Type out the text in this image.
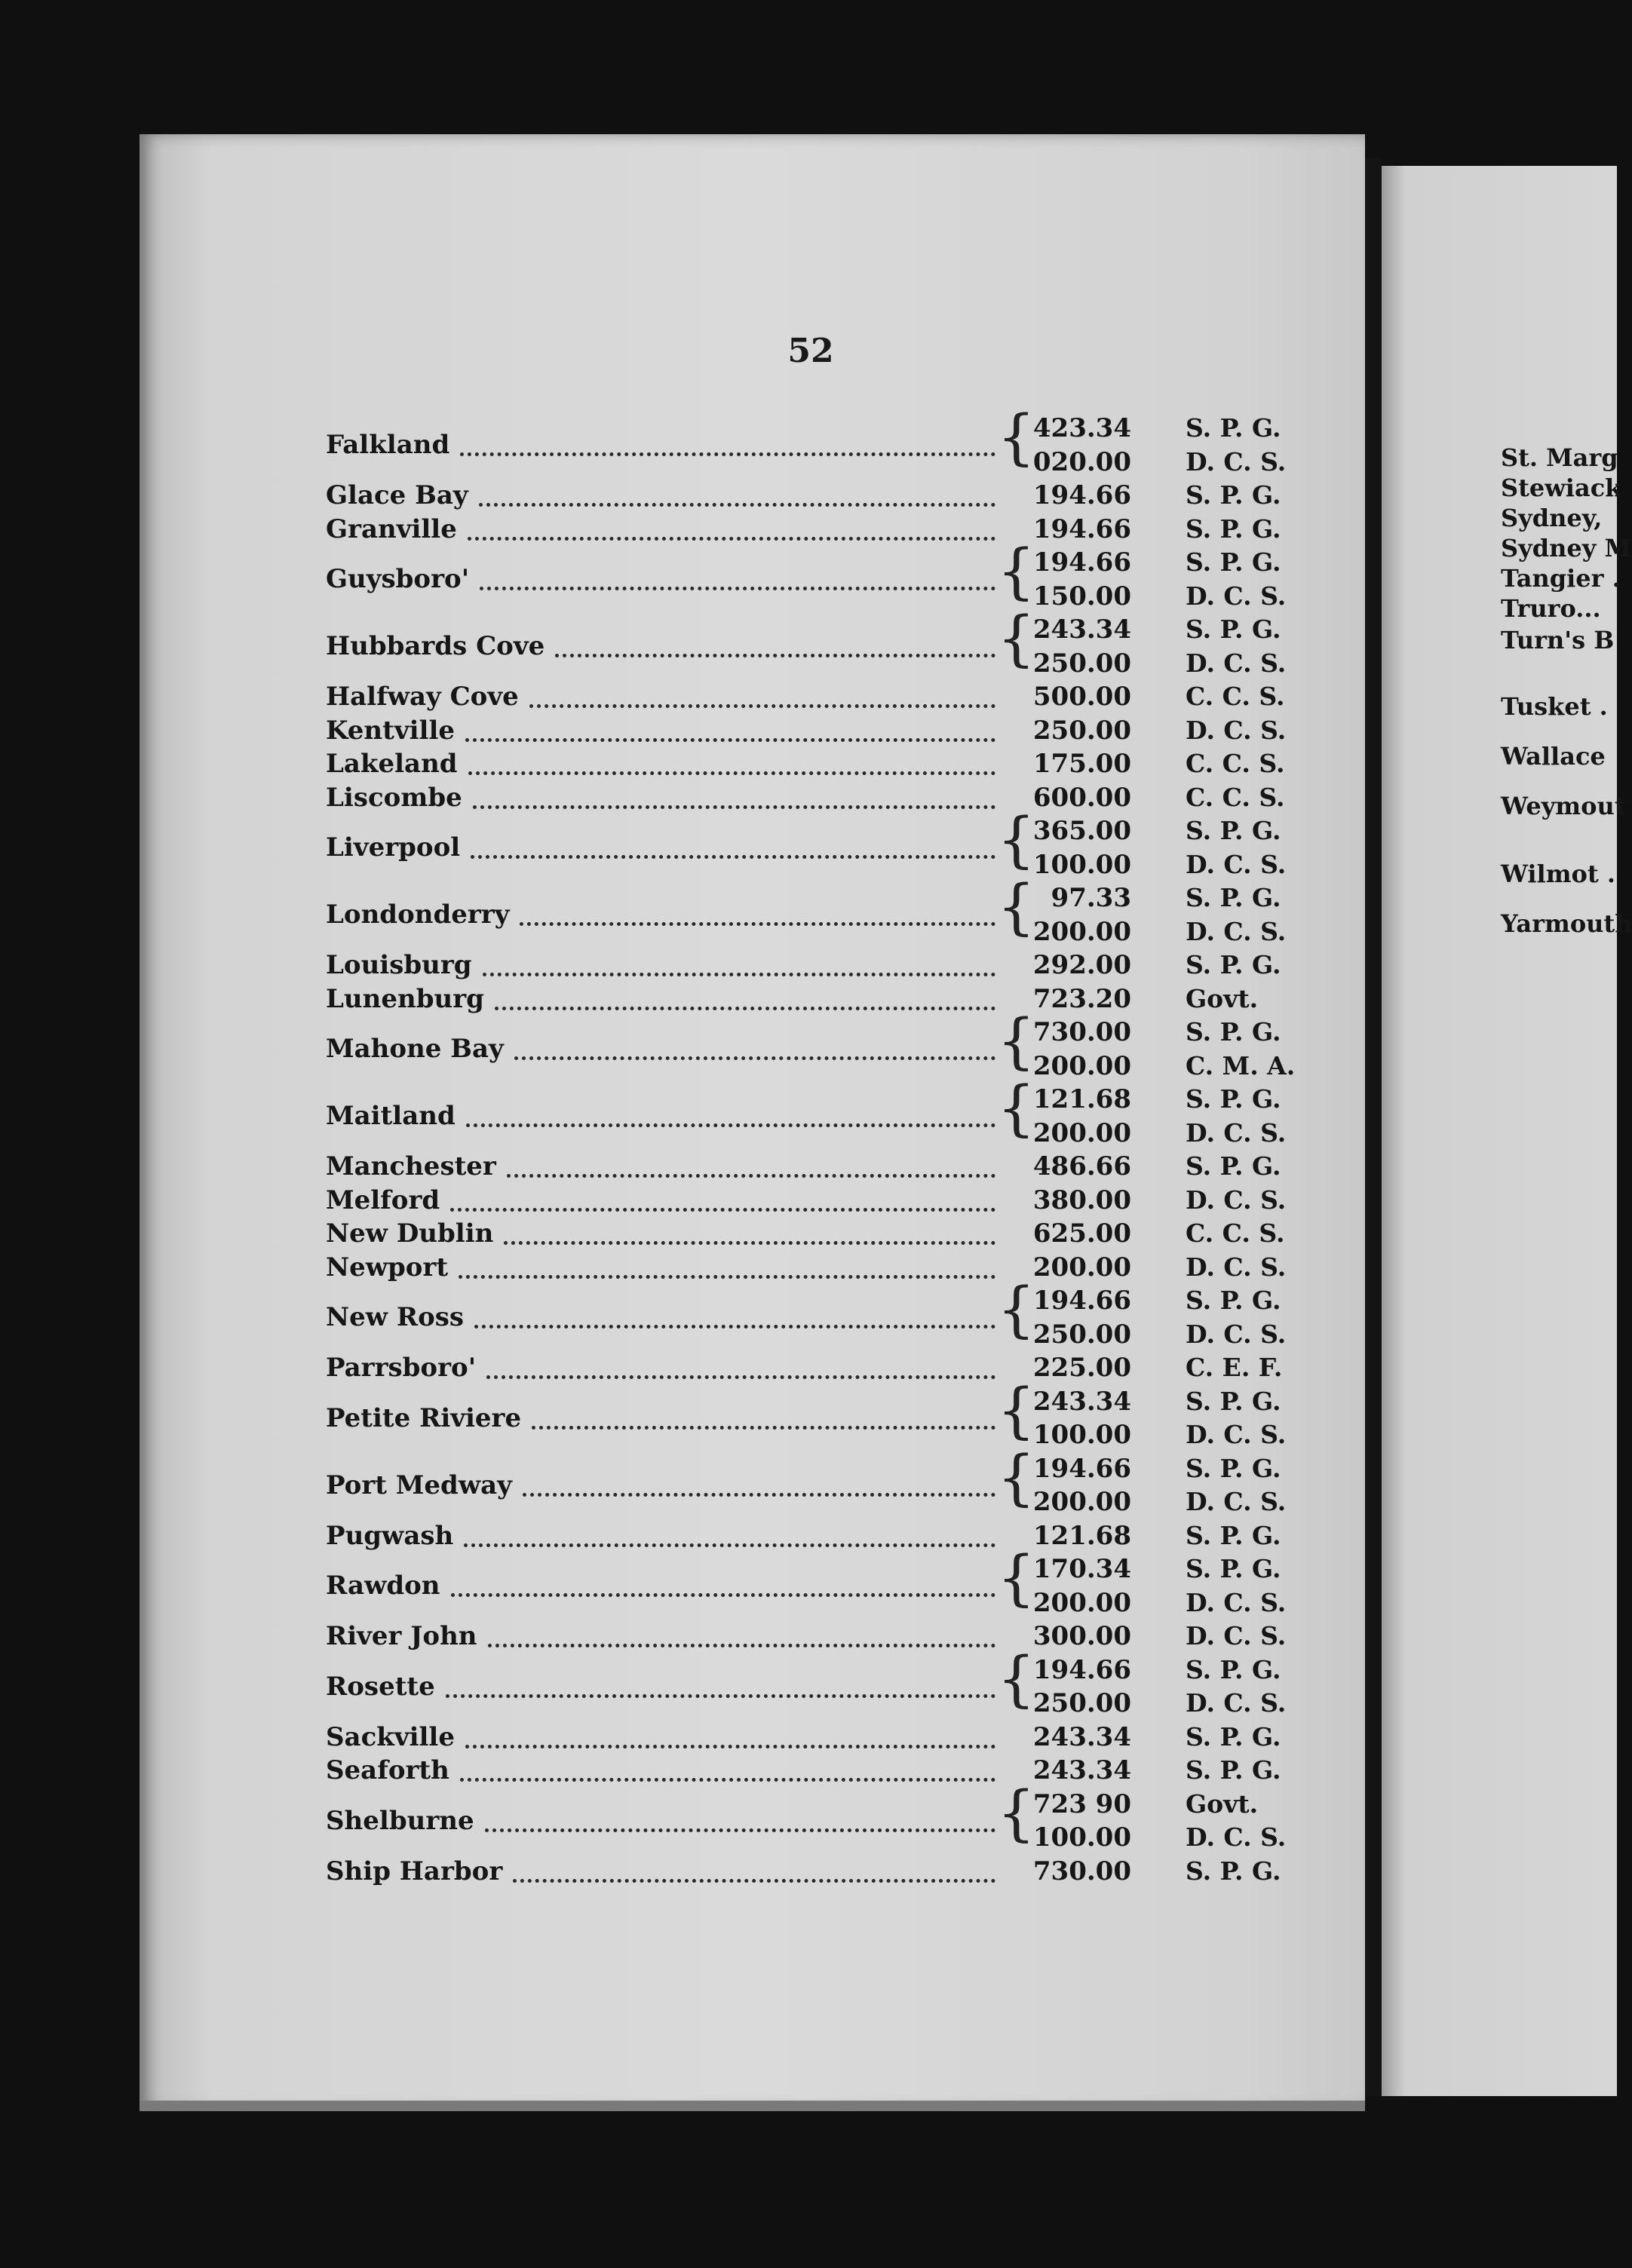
52
Falkland	{
423.34 S. P. G.
020.00 D. C. S.
Glace Bay	194.66 S. P. G.
Granville	194.66 S. P. G.
Guysboro'	{
194.66 S. P. G.
150.00 D. C. S.
Hubbards Cove	{
243.34 S. P. G.
250.00 D. C. S.
Halfway Cove	500.00 C. C. S.
Kentville	250.00 D. C. S.
Lakeland	175.00 C. C. S.
Liscombe	600.00 C. C. S.
Liverpool	{
365.00 S. P. G.
100.00 D. C. S.
Londonderry	{ 97.33 S. P. G.
200.00 D. C. S.
Louisburg	292.00 S. P. G.
Lunenburg	723.20 Govt.
Mahone Bay	{
730.00 S. P. G.
200.00 C. M. A.
Maitland	{
121.68 S. P. G.
200.00 D. C. S.
Manchester	486.66 S. P. G.
Melford	380.00 D. C. S.
New Dublin	625.00 C. C. S.
Newport	200.00 D. C. S.
New Ross	{
194.66 S. P. G.
250.00 D. C. S.
Parrsboro'	225.00 C. E. F.
Petite Riviere	{
243.34 S. P. G.
100.00 D. C. S.
Port Medway	{
194.66 S. P. G.
200.00 D. C. S.
Pugwash	121.68 S. P. G.
Rawdon	{
170.34 S. P. G.
200.00 D. C. S.
River John	300.00 D. C. S.
Rosette	{
194.66 S. P. G.
250.00 D. C. S.
Sackville	243.34 S. P. G.
Seaforth	243.34 S. P. G.
Shelburne	{
723 90 Govt.
100.00 D. C. S.
Ship Harbor	730.00 S. P. G.
St. Marg
Stewiack
Sydney,
Sydney M
Tangier .
Truro...
Turn's B
Tusket .
Wallace
Weymout
Wilmot .
Yarmouth
